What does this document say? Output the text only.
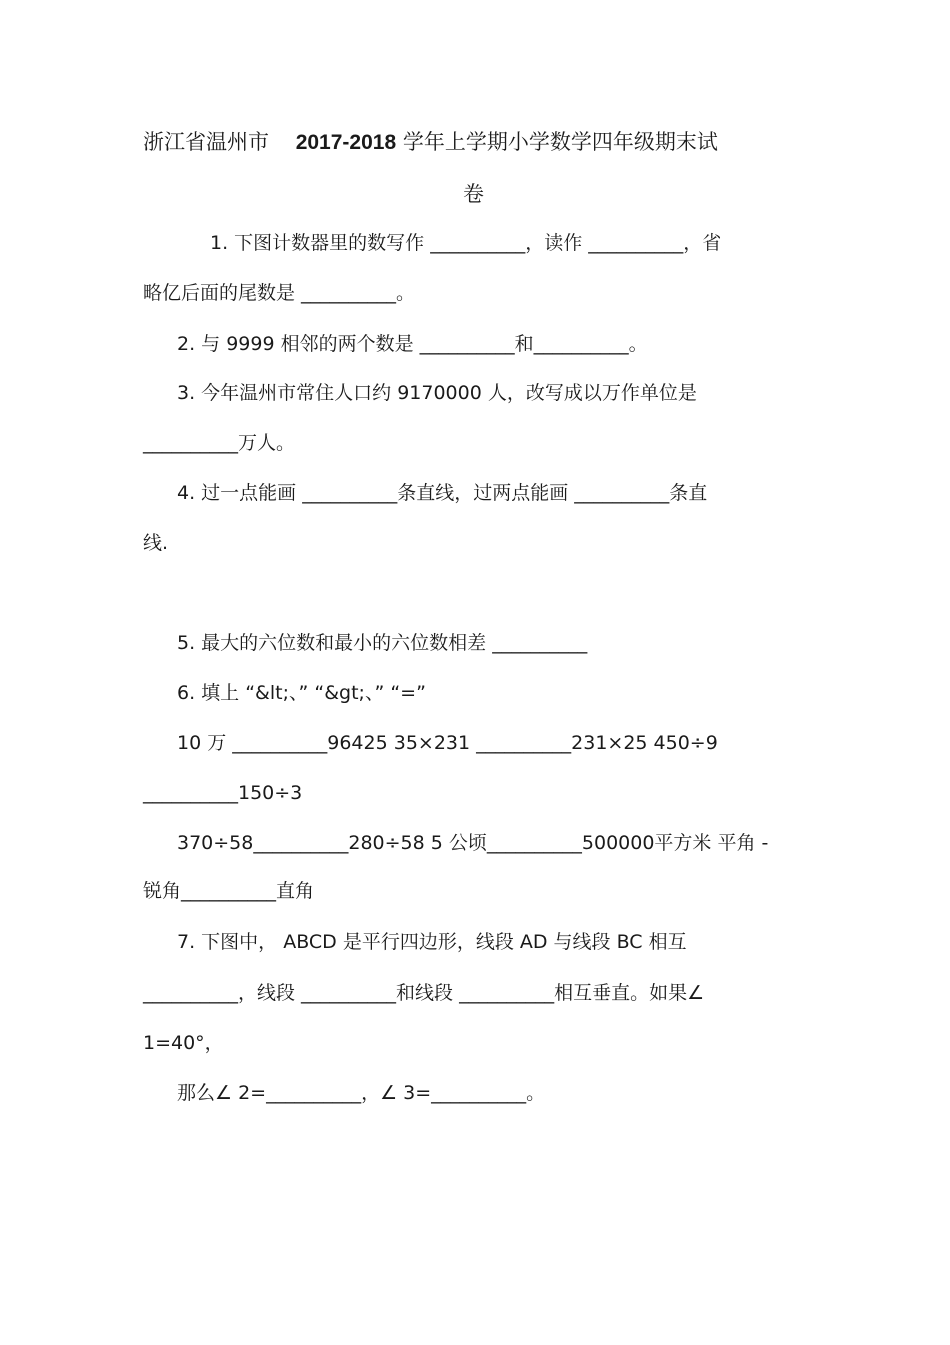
浙江省温州市 2017-2018 学年上学期小学数学四年级期末试
卷
1. 下图计数器里的数写作 __________，读作 __________，省
略亿后面的尾数是 __________。
2. 与 9999 相邻的两个数是 __________和__________。
3. 今年温州市常住人口约 9170000 人，改写成以万作单位是
__________万人。
4. 过一点能画 __________条直线，过两点能画 __________条直
线.
5. 最大的六位数和最小的六位数相差 __________
6. 填上 “&lt;、” “&gt;、” “=”
10 万 __________96425 35×231 __________231×25 450÷9
__________150÷3
370÷58__________280÷58 5 公顷__________500000平方米 平角 -
锐角__________直角
7. 下图中， ABCD 是平行四边形，线段 AD 与线段 BC 相互
__________，线段 __________和线段 __________相互垂直。如果∠
1=40°，
那么∠ 2=__________，∠ 3=__________。
